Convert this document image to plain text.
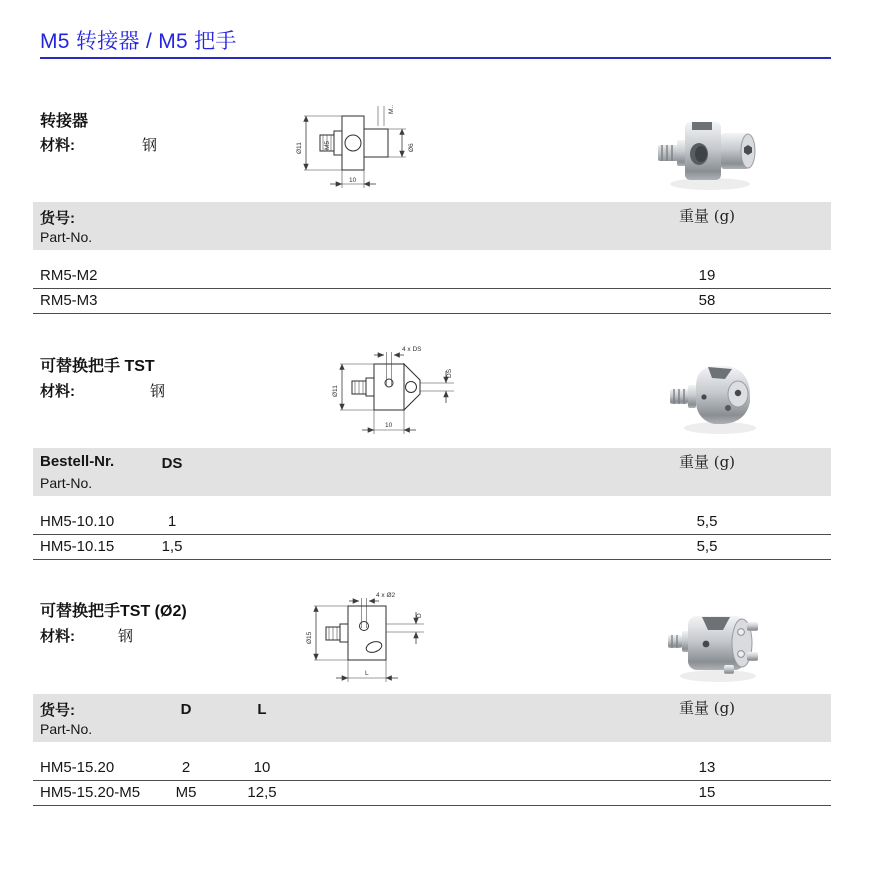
M5 转接器 / M5 把手
转接器
材料:	钢	Ø11	M5
M..
Ø6
10
货号:
Part-No.
重量 (g)
RM5-M2	19
RM5-M3	58
可替换把手 TST
材料:	钢
4 x DS
Ø11
DS
10
Bestell-Nr.	DS
Part-No.
重量 (g)
HM5-10.10	1	5,5
HM5-10.15	1,5	5,5
可替换把手TST (Ø2)
材料:	钢
4 x Ø2
Ø15
D
L
货号:	D	L
Part-No.
重量 (g)
HM5-15.20	2	10	13
HM5-15.20-M5	M5	12,5	15
